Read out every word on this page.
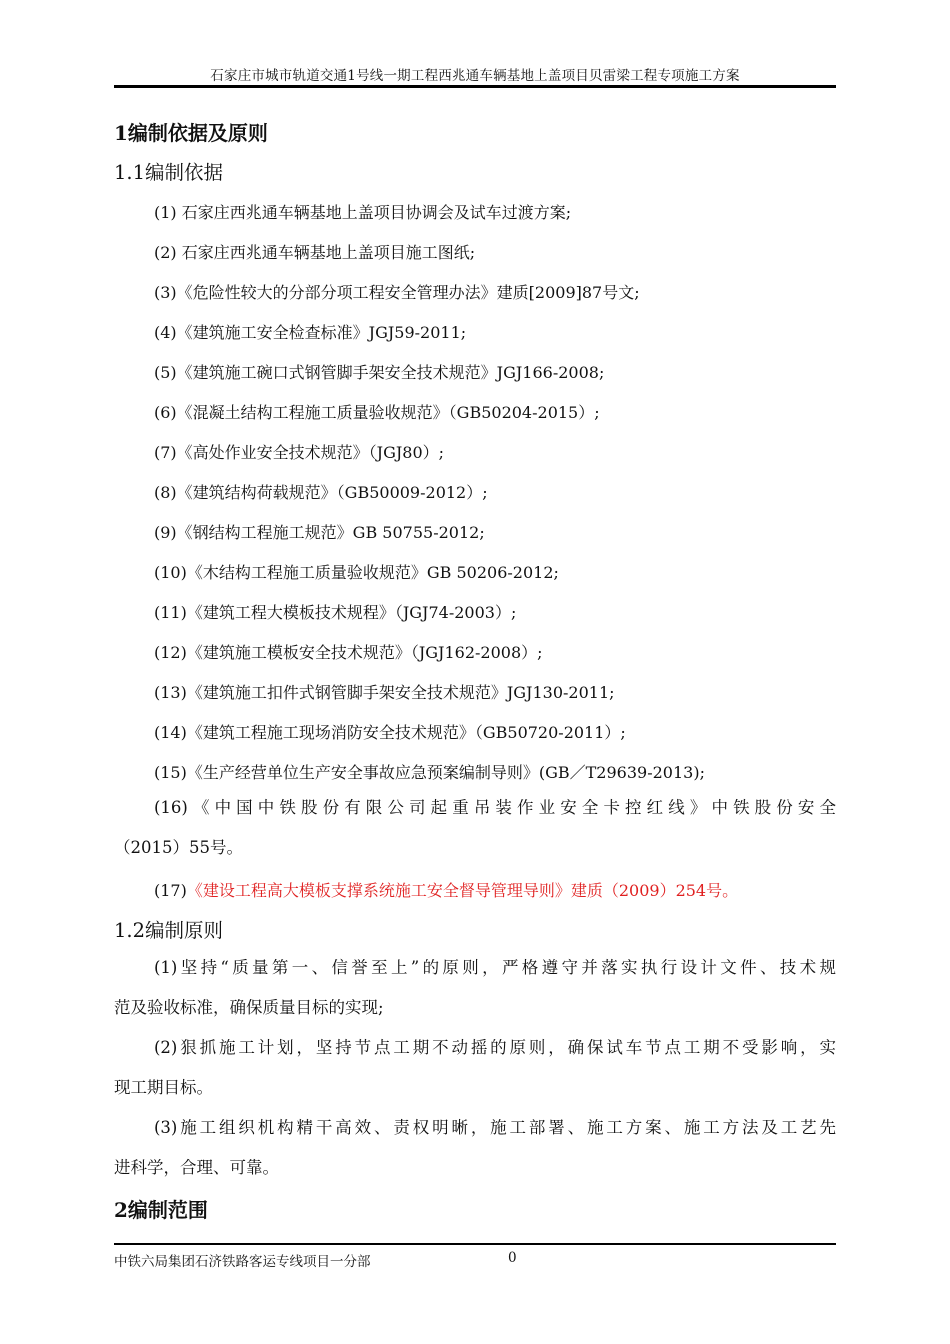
石家庄市城市轨道交通1号线一期工程西兆通车辆基地上盖项目贝雷梁工程专项施工方案
1编制依据及原则
1.1编制依据
(1) 石家庄西兆通车辆基地上盖项目协调会及试车过渡方案;
(2) 石家庄西兆通车辆基地上盖项目施工图纸;
(3)《危险性较大的分部分项工程安全管理办法》建质[2009]87号文;
(4)《建筑施工安全检查标准》JGJ59-2011;
(5)《建筑施工碗口式钢管脚手架安全技术规范》JGJ166-2008;
(6)《混凝土结构工程施工质量验收规范》（GB50204-2015）;
(7)《高处作业安全技术规范》（JGJ80）;
(8)《建筑结构荷载规范》（GB50009-2012）;
(9)《钢结构工程施工规范》GB 50755-2012;
(10)《木结构工程施工质量验收规范》GB 50206-2012;
(11)《建筑工程大模板技术规程》（JGJ74-2003）;
(12)《建筑施工模板安全技术规范》（JGJ162-2008）;
(13)《建筑施工扣件式钢管脚手架安全技术规范》JGJ130-2011;
(14)《建筑工程施工现场消防安全技术规范》（GB50720-2011）;
(15)《生产经营单位生产安全事故应急预案编制导则》(GB／T29639-2013);
(16)《中国中铁股份有限公司起重吊装作业安全卡控红线》中铁股份安全
（2015）55号。
(17)《建设工程高大模板支撑系统施工安全督导管理导则》建质（2009）254号。
1.2编制原则
(1)坚持“质量第一、信誉至上”的原则，严格遵守并落实执行设计文件、技术规
范及验收标准，确保质量目标的实现;
(2)狠抓施工计划，坚持节点工期不动摇的原则，确保试车节点工期不受影响，实
现工期目标。
(3)施工组织机构精干高效、责权明晰，施工部署、施工方案、施工方法及工艺先
进科学，合理、可靠。
2编制范围
中铁六局集团石济铁路客运专线项目一分部	0
